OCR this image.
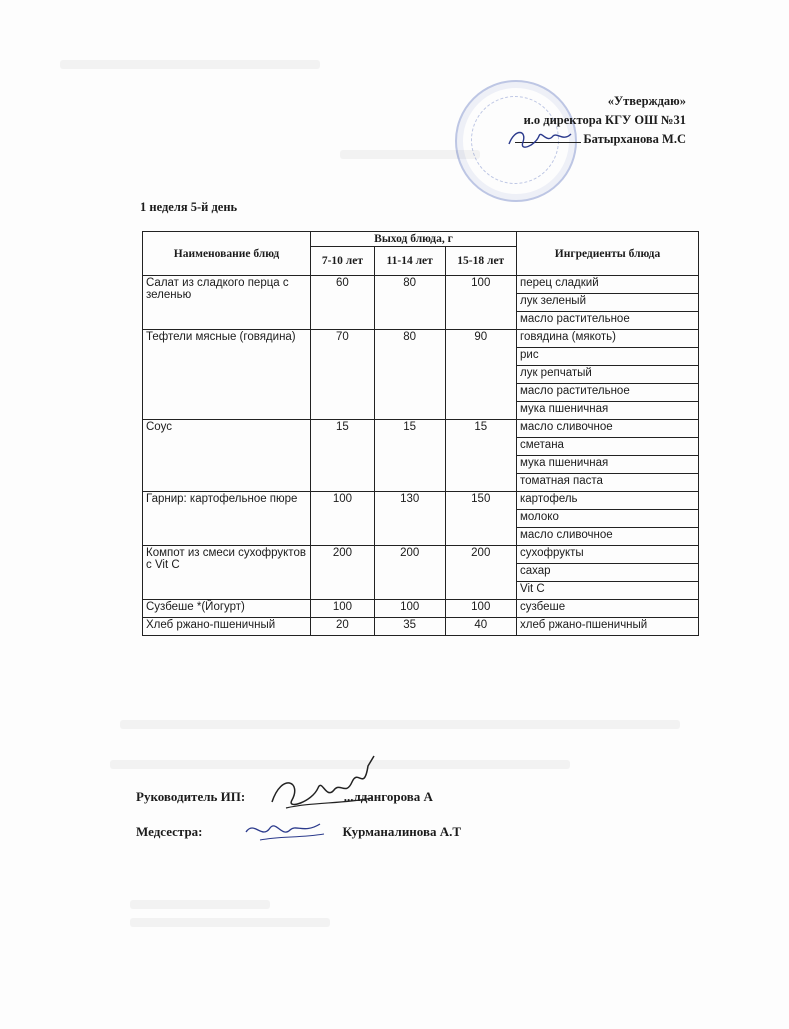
«Утверждаю»
и.о директора КГУ ОШ №31
Батырханова М.С
1 неделя 5-й день
Наименование блюд	Выход блюда, г			Ингредиенты блюда
	7-10 лет	11-14 лет	15-18 лет	
Салат из сладкого перца с зеленью	60	80	100	перец сладкий
				лук зеленый
				масло растительное
Тефтели мясные (говядина)	70	80	90	говядина (мякоть)
				рис
				лук репчатый
				масло растительное
				мука пшеничная
Соус	15	15	15	масло сливочное
				сметана
				мука пшеничная
				томатная паста
Гарнир: картофельное пюре	100	130	150	картофель
				молоко
				масло сливочное
Компот из смеси сухофруктов с Vit C	200	200	200	сухофрукты
				сахар
				Vit C
Сузбеше *(Йогурт)	100	100	100	сузбеше
Хлеб ржано-пшеничный	20	35	40	хлеб ржано-пшеничный
Руководитель ИП:	...лдангорова А
Медсестра:	Курманалинова А.Т
